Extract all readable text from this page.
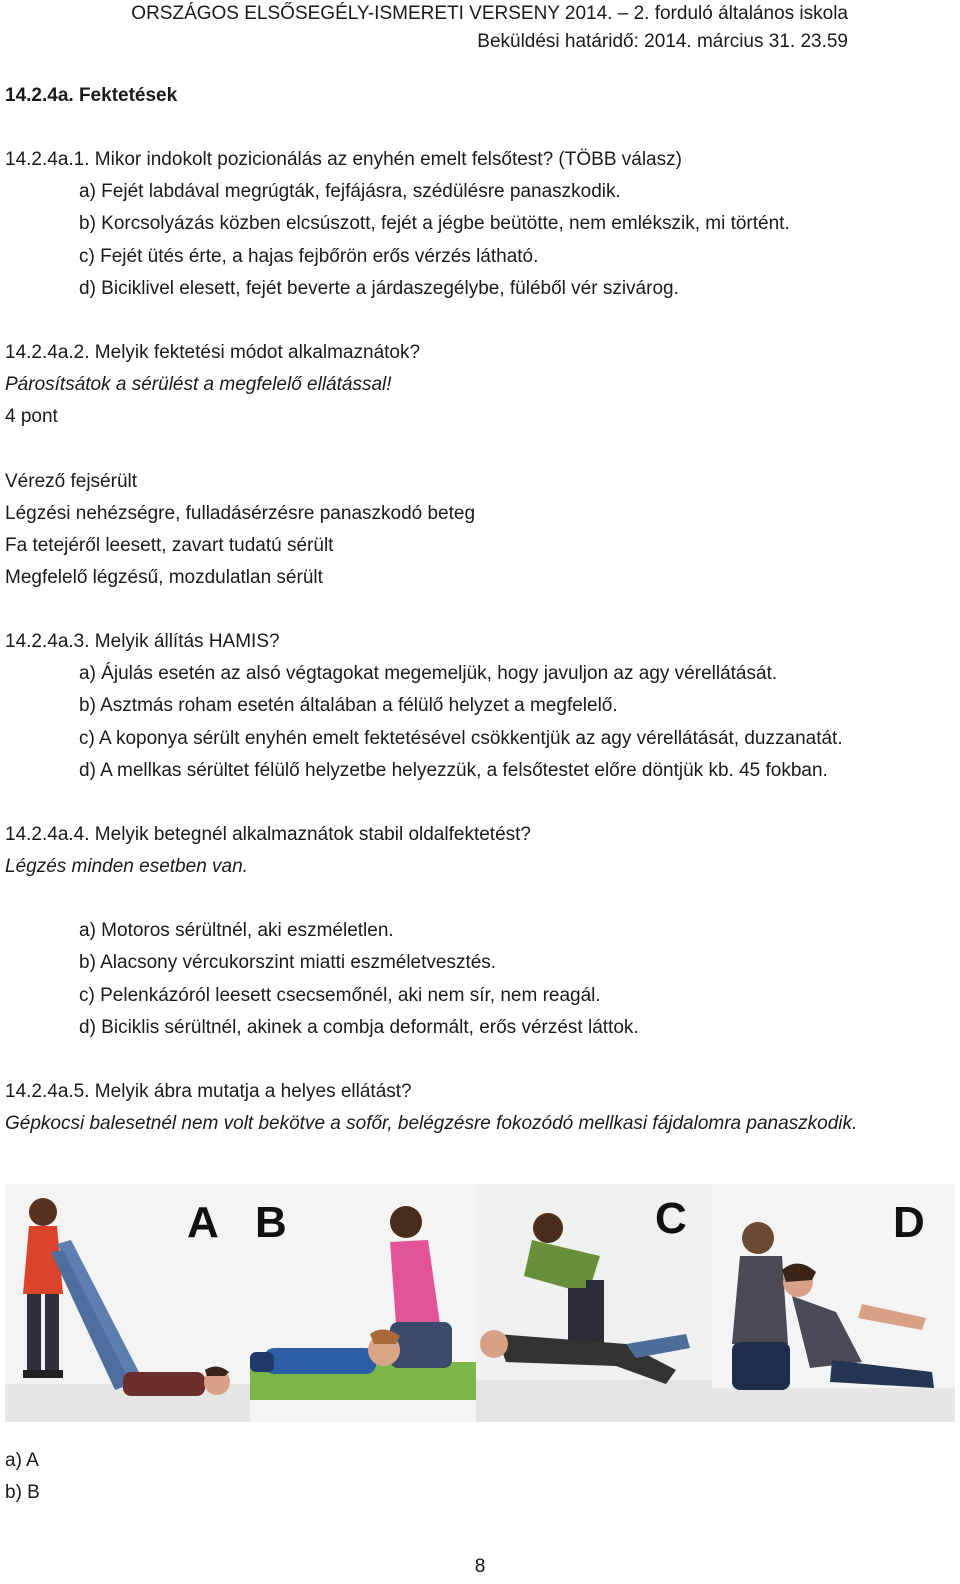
ORSZÁGOS ELSŐSEGÉLY-ISMERETI VERSENY 2014. – 2. forduló általános iskola
Beküldési határidő: 2014. március 31. 23.59
14.2.4a. Fektetések
14.2.4a.1. Mikor indokolt pozicionálás az enyhén emelt felsőtest? (TÖBB válasz)
a) Fejét labdával megrúgták, fejfájásra, szédülésre panaszkodik.
b) Korcsolyázás közben elcsúszott, fejét a jégbe beütötte, nem emlékszik, mi történt.
c) Fejét ütés érte, a hajas fejbőrön erős vérzés látható.
d) Biciklivel elesett, fejét beverte a járdaszegélybe, füléből vér szivárog.
14.2.4a.2. Melyik fektetési módot alkalmaznátok?
Párosítsátok a sérülést a megfelelő ellátással!
4 pont
Vérező fejsérült
Légzési nehézségre, fulladásérzésre panaszkodó beteg
Fa tetejéről leesett, zavart tudatú sérült
Megfelelő légzésű, mozdulatlan sérült
14.2.4a.3. Melyik állítás HAMIS?
a) Ájulás esetén az alsó végtagokat megemeljük, hogy javuljon az agy vérellátását.
b) Asztmás roham esetén általában a félülő helyzet a megfelelő.
c) A koponya sérült enyhén emelt fektetésével csökkentjük az agy vérellátását, duzzanatát.
d) A mellkas sérültet félülő helyzetbe helyezzük, a felsőtestet előre döntjük kb. 45 fokban.
14.2.4a.4. Melyik betegnél alkalmaznátok stabil oldalfektetést?
Légzés minden esetben van.
a) Motoros sérültnél, aki eszméletlen.
b) Alacsony vércukorszint miatti eszméletvesztés.
c) Pelenkázóról leesett csecsemőnél, aki nem sír, nem reagál.
d) Biciklis sérültnél, akinek a combja deformált, erős vérzést láttok.
14.2.4a.5. Melyik ábra mutatja a helyes ellátást?
Gépkocsi balesetnél nem volt bekötve a sofőr, belégzésre fokozódó mellkasi fájdalomra panaszkodik.
A B	C	D
a) A
b) B
8
